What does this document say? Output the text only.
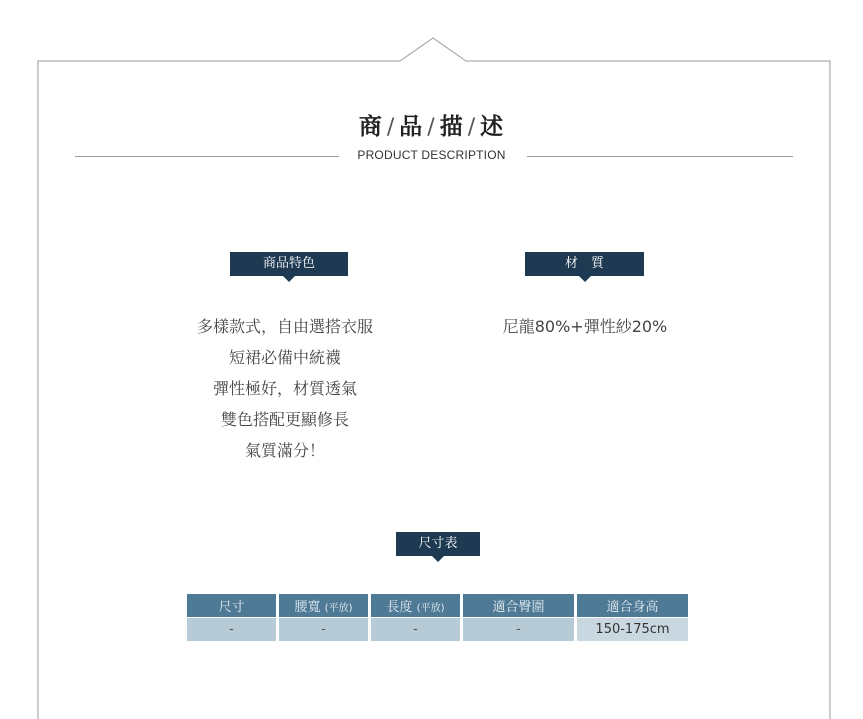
商 / 品 / 描 / 述
PRODUCT DESCRIPTION
商品特色	材　質
多樣款式，自由選搭衣服
短裙必備中統襪
彈性極好，材質透氣
雙色搭配更顯修長
氣質滿分！
尼龍80%+彈性紗20%
尺寸表
尺寸	腰寬 (平放)	長度 (平放)	適合臀圍	適合身高
-	-	-	-	150-175cm
